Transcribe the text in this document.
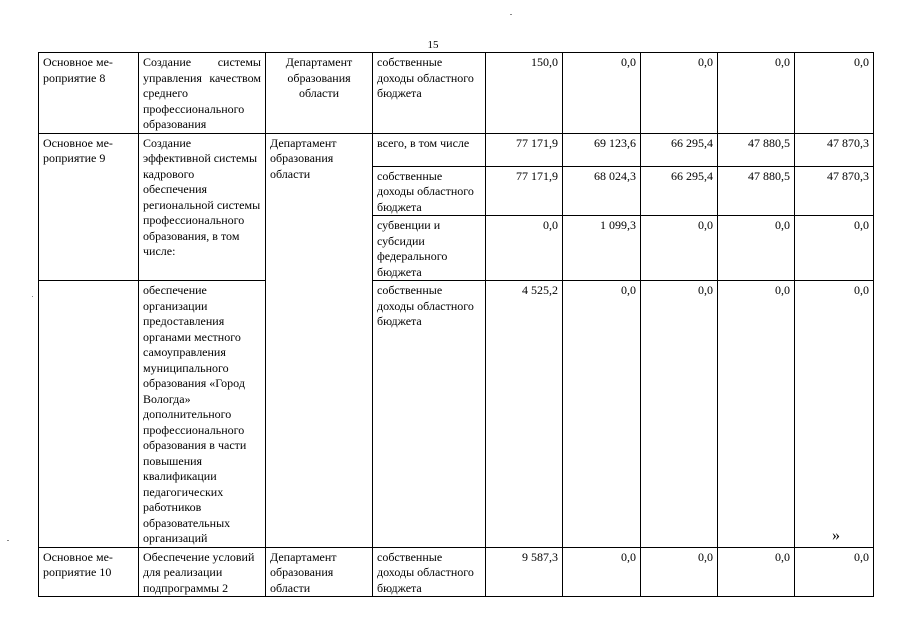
15
Основное ме-
роприятие 8	Создание системы управления качеством среднего профессионального образования	Департамент образования области	собственные доходы областного бюджета	150,0	0,0	0,0	0,0	0,0
Основное ме-
роприятие 9	Создание эффективной системы кадрового обеспечения региональной системы профессионального образования, в том числе:	Департамент образования области	всего, в том числе	77 171,9	69 123,6	66 295,4	47 880,5	47 870,3
			собственные доходы областного бюджета	77 171,9	68 024,3	66 295,4	47 880,5	47 870,3
			субвенции и субсидии федерального бюджета	0,0	1 099,3	0,0	0,0	0,0
	обеспечение организации предоставления органами местного самоуправления муниципального образования «Город Вологда» дополнительного профессионального образования в части повышения квалификации педагогических работников образовательных организаций		собственные доходы областного бюджета	4 525,2	0,0	0,0	0,0	0,0
Основное ме-
роприятие 10	Обеспечение условий для реализации подпрограммы 2	Департамент образования области	собственные доходы областного бюджета	9 587,3	0,0	0,0	0,0	0,0
»
